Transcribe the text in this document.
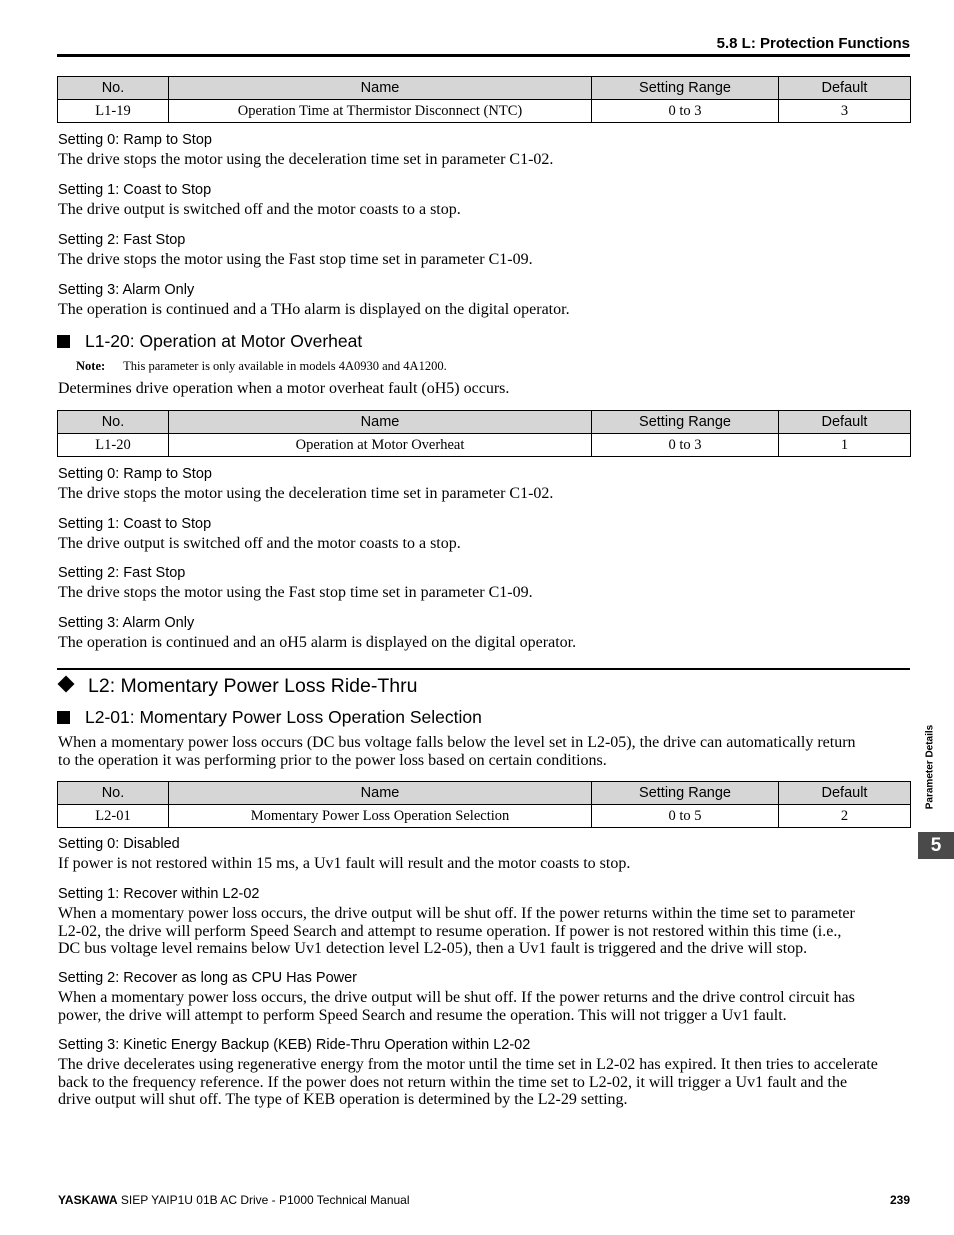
5.8 L: Protection Functions
No.	Name	Setting Range	Default
L1-19	Operation Time at Thermistor Disconnect (NTC)	0 to 3	3
Setting 0: Ramp to Stop
The drive stops the motor using the deceleration time set in parameter C1-02.
Setting 1: Coast to Stop
The drive output is switched off and the motor coasts to a stop.
Setting 2: Fast Stop
The drive stops the motor using the Fast stop time set in parameter C1-09.
Setting 3: Alarm Only
The operation is continued and a THo alarm is displayed on the digital operator.
L1-20: Operation at Motor Overheat
Note: This parameter is only available in models 4A0930 and 4A1200.
Determines drive operation when a motor overheat fault (oH5) occurs.
No.	Name	Setting Range	Default
L1-20	Operation at Motor Overheat	0 to 3	1
Setting 0: Ramp to Stop
The drive stops the motor using the deceleration time set in parameter C1-02.
Setting 1: Coast to Stop
The drive output is switched off and the motor coasts to a stop.
Setting 2: Fast Stop
The drive stops the motor using the Fast stop time set in parameter C1-09.
Setting 3: Alarm Only
The operation is continued and an oH5 alarm is displayed on the digital operator.
L2: Momentary Power Loss Ride-Thru
L2-01: Momentary Power Loss Operation Selection
When a momentary power loss occurs (DC bus voltage falls below the level set in L2-05), the drive can automatically return
to the operation it was performing prior to the power loss based on certain conditions.
No.	Name	Setting Range	Default
L2-01	Momentary Power Loss Operation Selection	0 to 5	2
Setting 0: Disabled
If power is not restored within 15 ms, a Uv1 fault will result and the motor coasts to stop.
Setting 1: Recover within L2-02
When a momentary power loss occurs, the drive output will be shut off. If the power returns within the time set to parameter
L2-02, the drive will perform Speed Search and attempt to resume operation. If power is not restored within this time (i.e.,
DC bus voltage level remains below Uv1 detection level L2-05), then a Uv1 fault is triggered and the drive will stop.
Setting 2: Recover as long as CPU Has Power
When a momentary power loss occurs, the drive output will be shut off. If the power returns and the drive control circuit has
power, the drive will attempt to perform Speed Search and resume the operation. This will not trigger a Uv1 fault.
Setting 3: Kinetic Energy Backup (KEB) Ride-Thru Operation within L2-02
The drive decelerates using regenerative energy from the motor until the time set in L2-02 has expired. It then tries to accelerate
back to the frequency reference. If the power does not return within the time set to L2-02, it will trigger a Uv1 fault and the
drive output will shut off. The type of KEB operation is determined by the L2-29 setting.
Parameter Details
5
YASKAWA SIEP YAIP1U 01B AC Drive - P1000 Technical Manual	239
